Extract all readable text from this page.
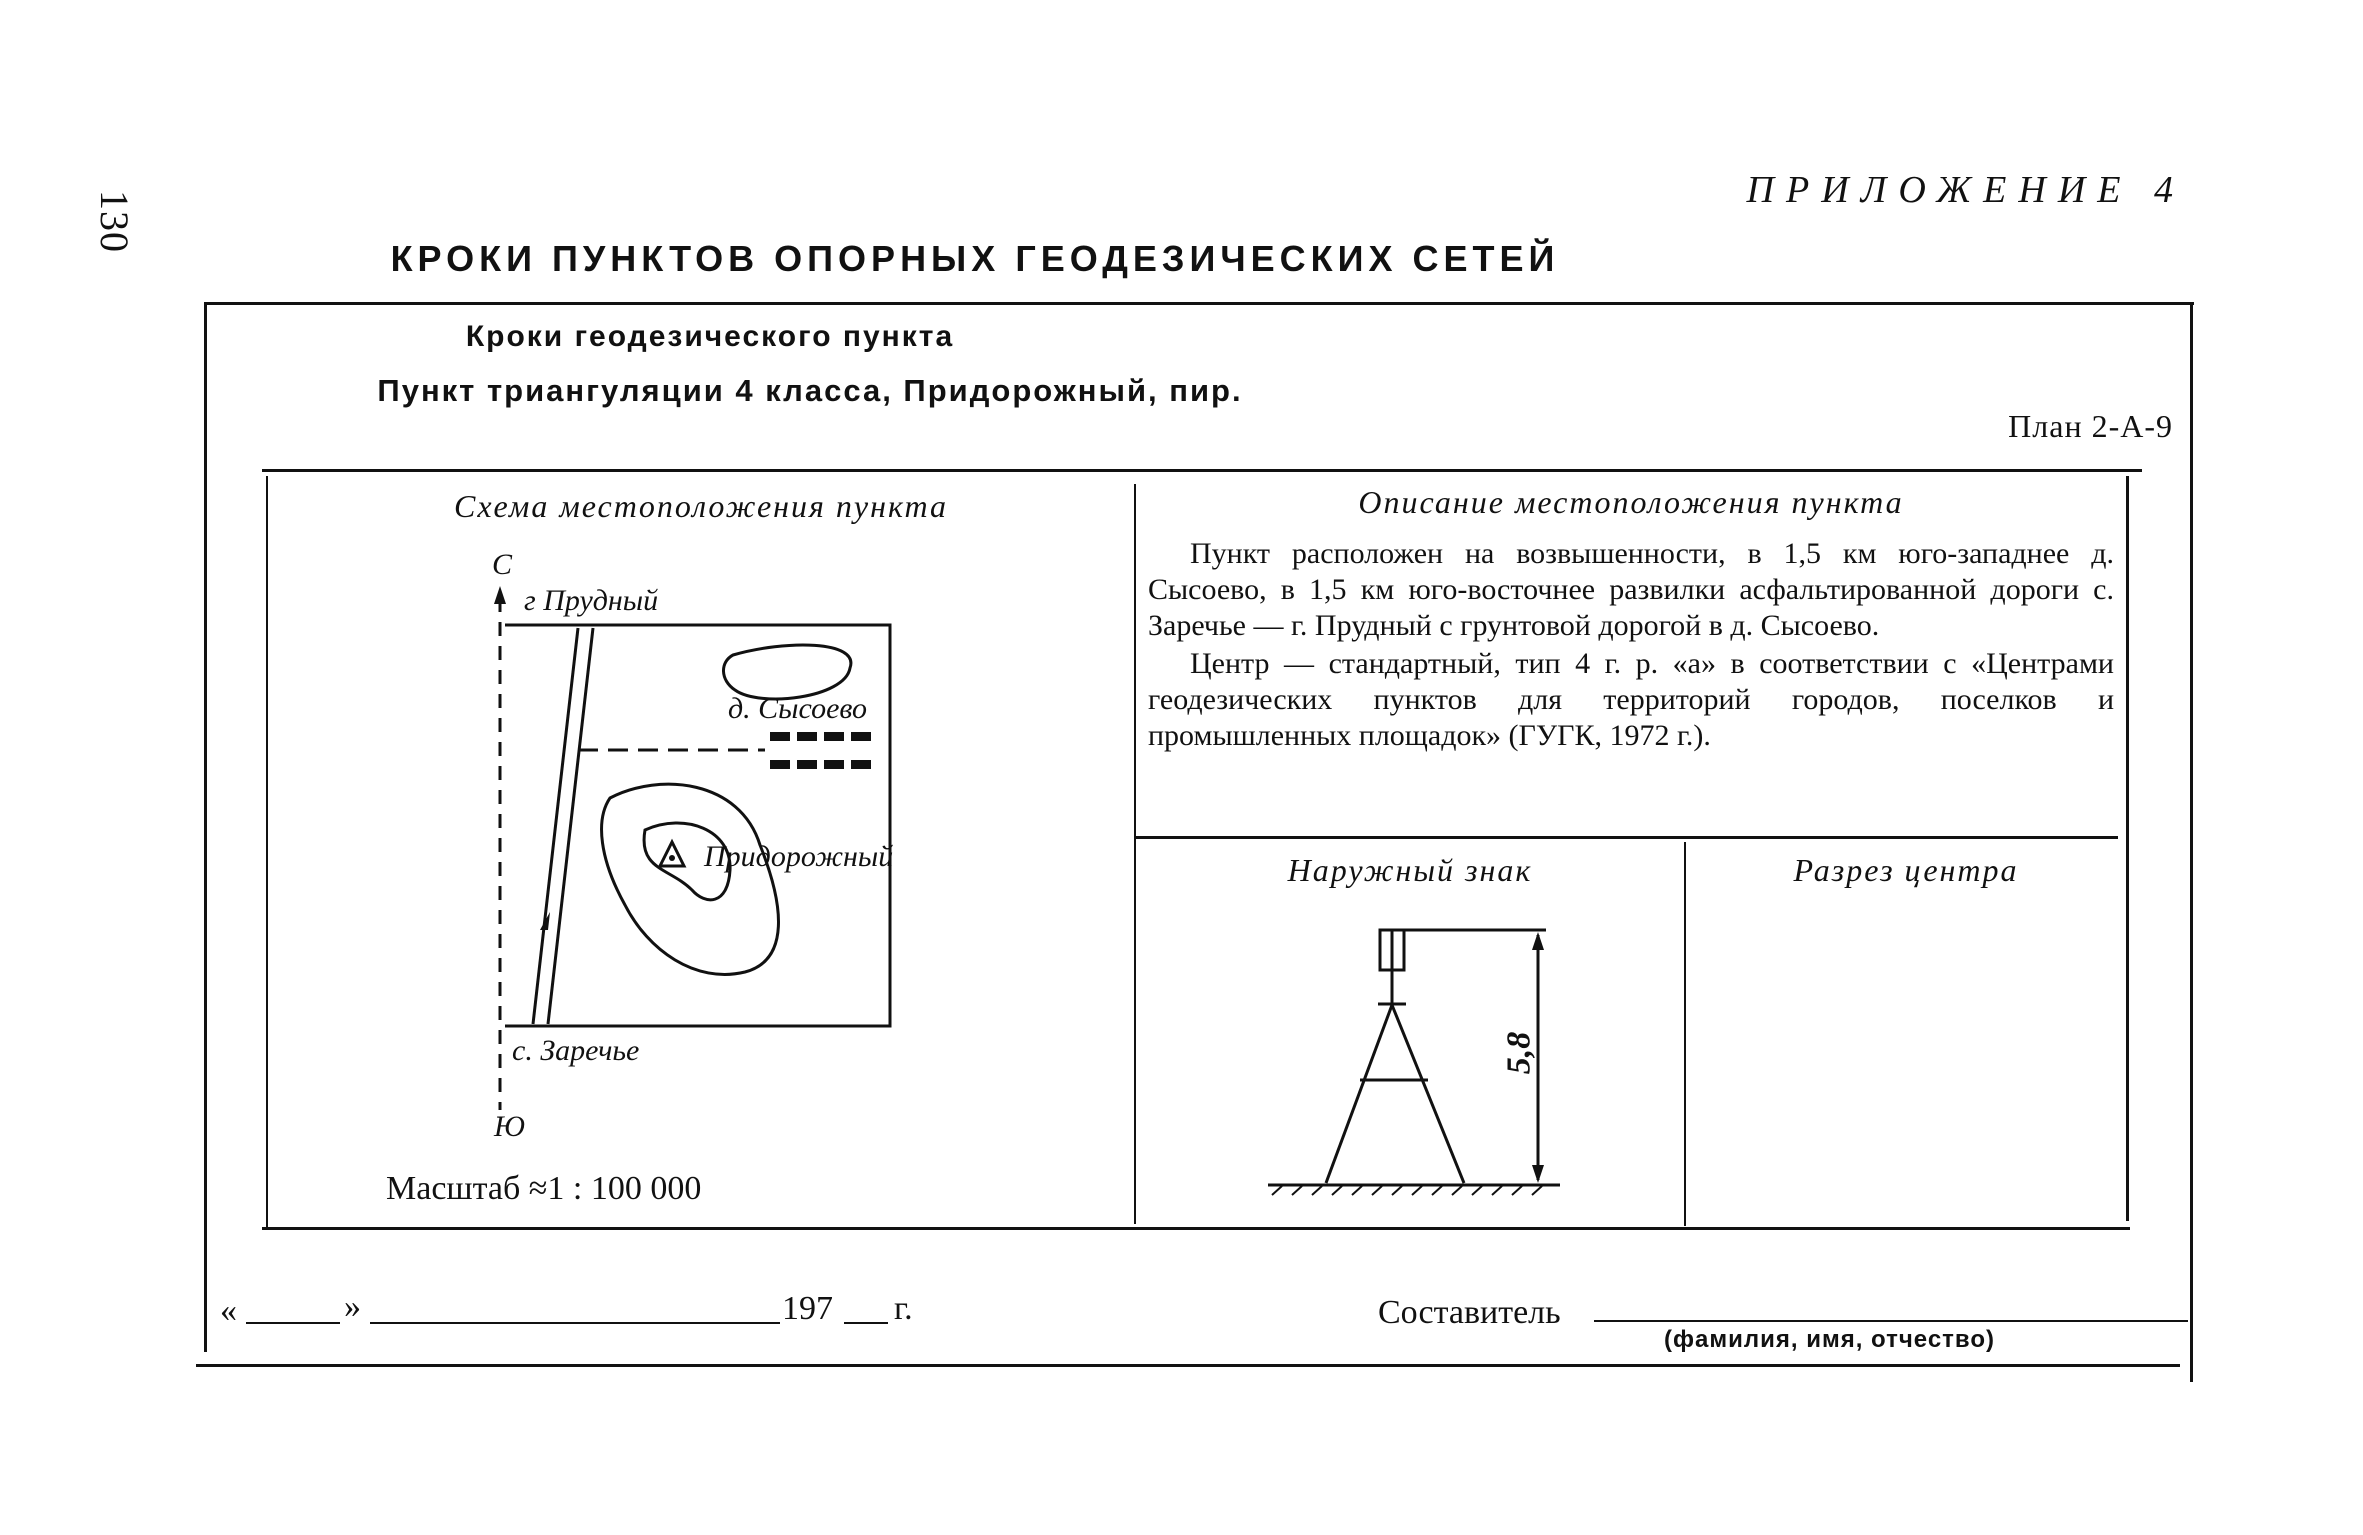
130	ПРИЛОЖЕНИЕ 4
КРОКИ ПУНКТОВ ОПОРНЫХ ГЕОДЕЗИЧЕСКИХ СЕТЕЙ
Кроки геодезического пункта
Пункт триангуляции 4 класса, Придорожный, пир.
План 2-А-9
Схема местоположения пункта	Описание местоположения пункта
Наружный знак	Разрез центра

Пункт расположен на возвышенности, в 1,5 км юго-западнее д. Сысоево, в 1,5 км юго-восточнее развилки асфальтированной дороги с. Заречье — г. Прудный с грунтовой дорогой в д. Сысоево.

Центр — стандартный, тип 4 г. р. «а» в соответствии с «Центрами геодезических пунктов для территорий городов, поселков и промышленных площадок» (ГУГК, 1972 г.).

С
Ю
г Прудный
д. Сысоево
Придорожный
с. Заречье
Масштаб ≈1 : 100 000
5,8
«	»	197 г.	Составитель
(фамилия, имя, отчество)
